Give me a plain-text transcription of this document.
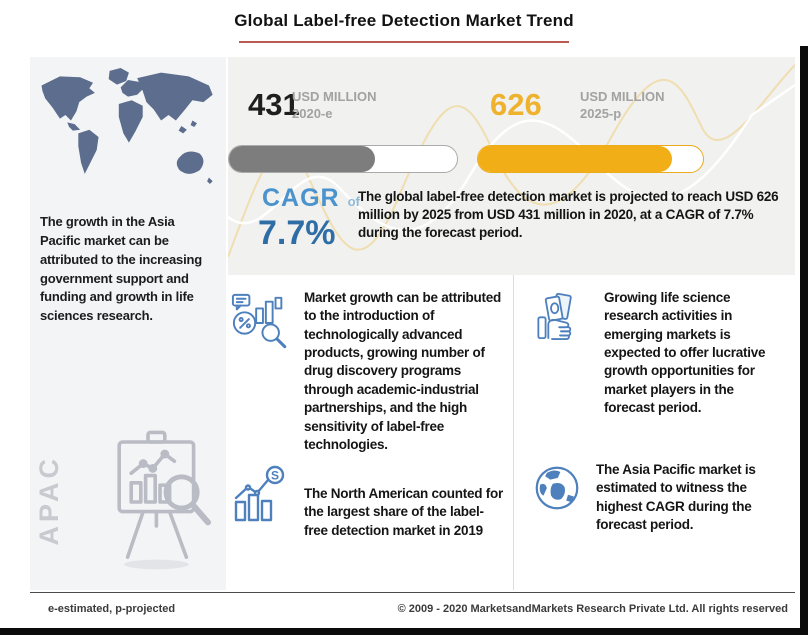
Global Label-free Detection Market Trend

The growth in the Asia Pacific market can be attributed to the increasing government support and funding and growth in life sciences research.

APAC
431
USD MILLION
2020-e	626	USD MILLION
2025-p
CAGR of
7.7%

The global label-free detection market is projected to reach USD 626 million by 2025 from USD 431 million in 2020, at a CAGR of 7.7% during the forecast period.

Market growth can be attributed to the introduction of technologically advanced products, growing number of drug discovery programs through academic-industrial partnerships, and the high sensitivity of label-free technologies.

Growing life science research activities in emerging markets is expected to offer lucrative growth opportunities for market players in the forecast period.

S

The North American counted for the largest share of the label-free detection market in 2019

The Asia Pacific market is estimated to witness the highest CAGR during the forecast period.

e-estimated, p-projected	© 2009 - 2020 MarketsandMarkets Research Private Ltd. All rights reserved
